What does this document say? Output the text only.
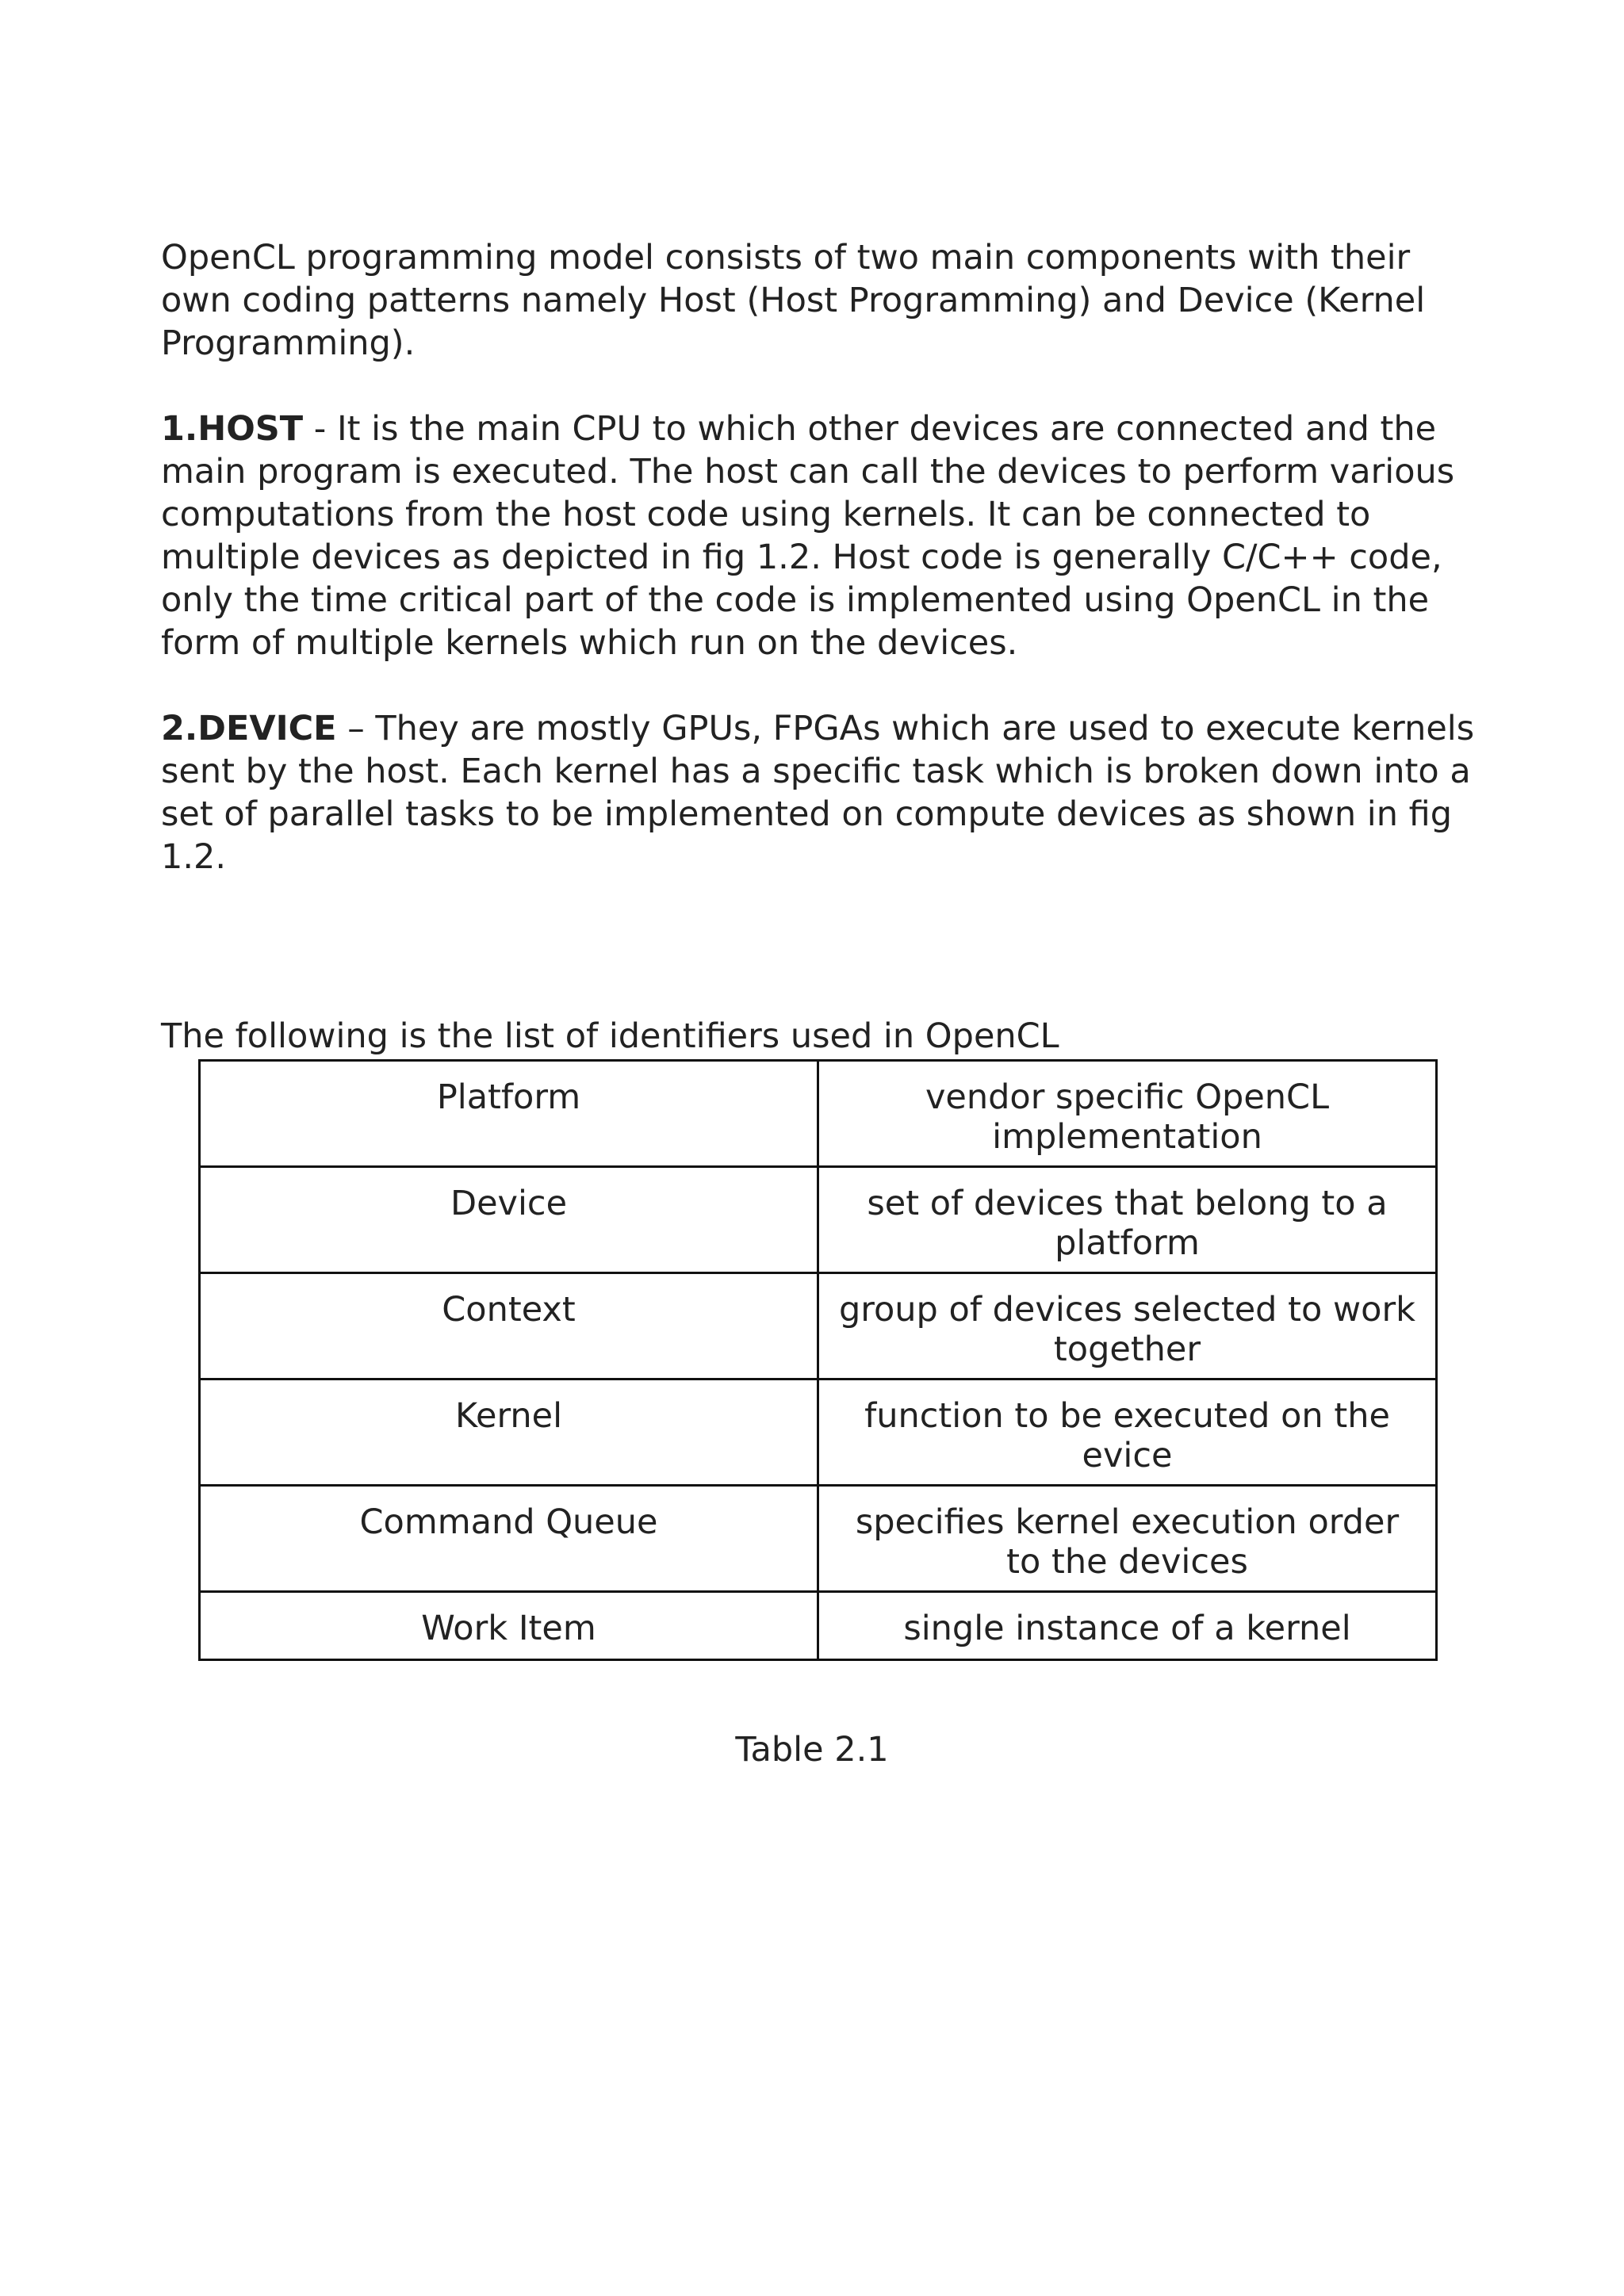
OpenCL programming model consists of two main components with their own coding patterns namely Host (Host Programming) and Device (Kernel Programming).

1.HOST - It is the main CPU to which other devices are connected and the main program is executed. The host can call the devices to perform various computations from the host code using kernels. It can be connected to multiple devices as depicted in fig 1.2. Host code is generally C/C++ code, only the time critical part of the code is implemented using OpenCL in the form of multiple kernels which run on the devices.

2.DEVICE – They are mostly GPUs, FPGAs which are used to execute kernels sent by the host. Each kernel has a specific task which is broken down into a set of parallel tasks to be implemented on compute devices as shown in fig 1.2.

The following is the list of identifiers used in OpenCL

Platform	vendor specific OpenCL implementation
Device	set of devices that belong to a platform
Context	group of devices selected to work together
Kernel	function to be executed on the evice
Command Queue	specifies kernel execution order to the devices
Work Item	single instance of a kernel

Table 2.1
